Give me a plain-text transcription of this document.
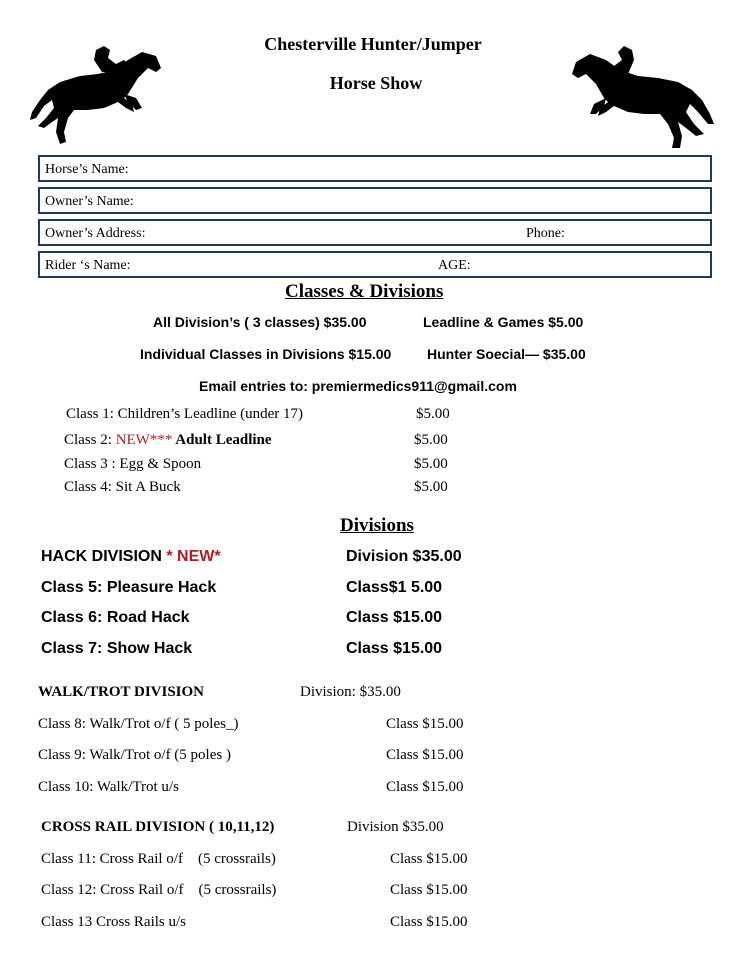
Chesterville Hunter/Jumper
Horse Show
Horse’s Name:
Owner’s Name:
Owner’s Address:	Phone:
Rider ‘s Name:	AGE:
Classes & Divisions
All Division’s ( 3 classes) $35.00	Leadline & Games $5.00
Individual Classes in Divisions $15.00	Hunter Soecial— $35.00
Email entries to: premiermedics911@gmail.com
Class 1: Children’s Leadline (under 17)	$5.00
Class 2: NEW*** Adult Leadline	$5.00
Class 3 : Egg & Spoon	$5.00
Class 4: Sit A Buck	$5.00
Divisions
HACK DIVISION * NEW*	Division $35.00
Class 5: Pleasure Hack	Class$1 5.00
Class 6: Road Hack	Class $15.00
Class 7: Show Hack	Class $15.00
WALK/TROT DIVISION	Division: $35.00
Class 8: Walk/Trot o/f ( 5 poles_)	Class $15.00
Class 9: Walk/Trot o/f (5 poles )	Class $15.00
Class 10: Walk/Trot u/s	Class $15.00
CROSS RAIL DIVISION ( 10,11,12)	Division $35.00
Class 11: Cross Rail o/f    (5 crossrails)	Class $15.00
Class 12: Cross Rail o/f    (5 crossrails)	Class $15.00
Class 13 Cross Rails u/s	Class $15.00
